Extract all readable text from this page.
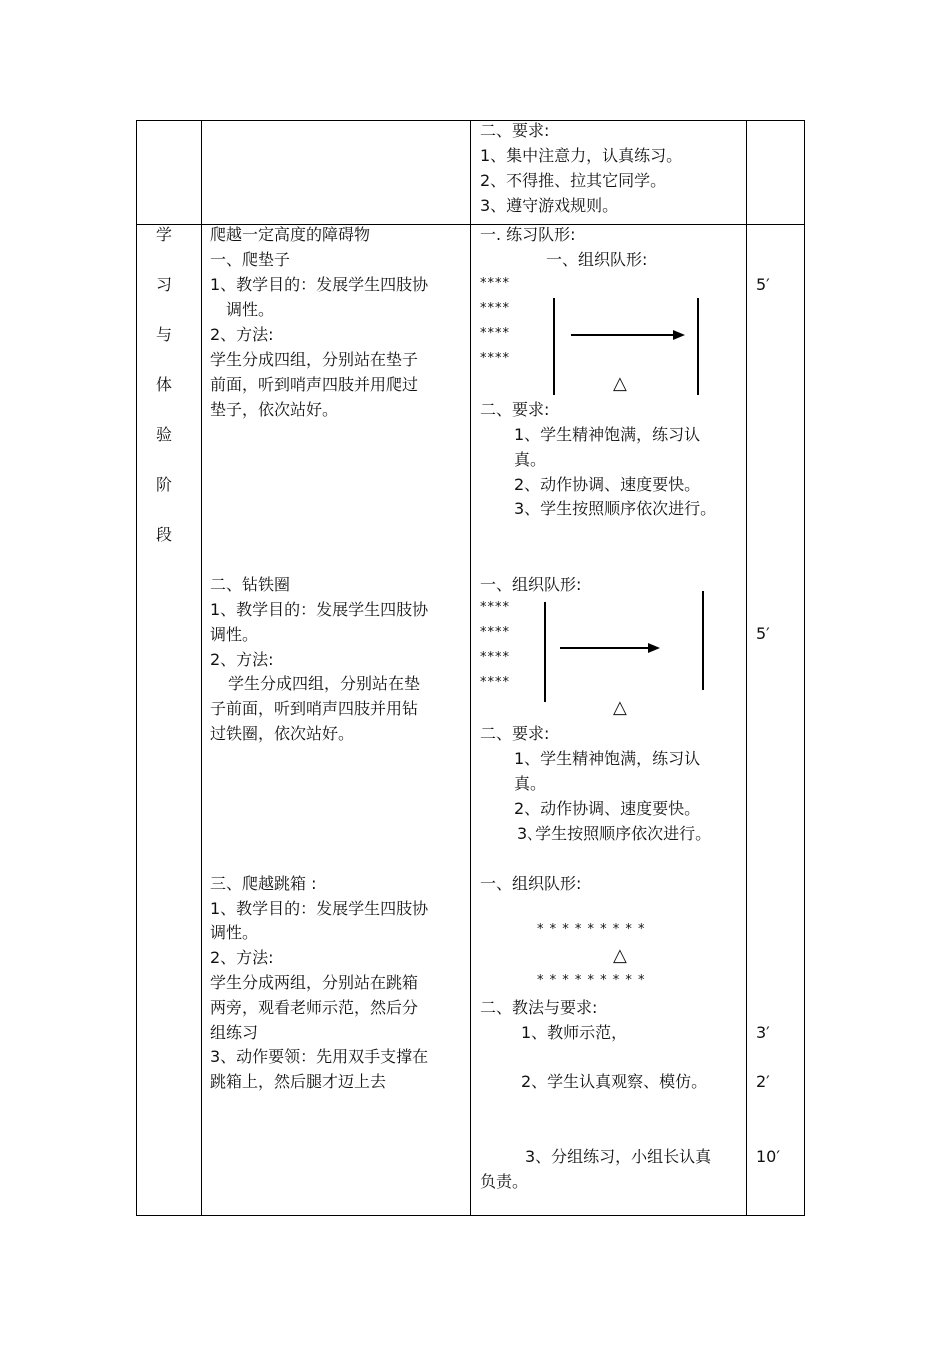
二、要求:
1、集中注意力，认真练习。
2、不得推、拉其它同学。
3、遵守游戏规则。
学
习
与
体
验
阶
段
爬越一定高度的障碍物
一、爬垫子
1、教学目的：发展学生四肢协
调性。
2、方法:
学生分成四组，分别站在垫子
前面，听到哨声四肢并用爬过
垫子，依次站好。
二、钻铁圈
1、教学目的：发展学生四肢协
调性。
2、方法:
学生分成四组，分别站在垫
子前面，听到哨声四肢并用钻
过铁圈，依次站好。
三、爬越跳箱 :
1、教学目的：发展学生四肢协
调性。
2、方法:
学生分成两组，分别站在跳箱
两旁，观看老师示范，然后分
组练习
3、动作要领：先用双手支撑在
跳箱上，然后腿才迈上去
一. 练习队形:
一、组织队形:
****
****
****
****
△
二、要求:
1、学生精神饱满，练习认
真。
2、动作协调、速度要快。
3、学生按照顺序依次进行。
一、组织队形:
****
****
****
****
△
二、要求:
1、学生精神饱满，练习认
真。
2、动作协调、速度要快。
3､学生按照顺序依次进行。
一、组织队形:
* * * * * * * * *
△
* * * * * * * * *
二、教法与要求:
1、教师示范，
2、学生认真观察、模仿。
3、分组练习，小组长认真
负责。
5′
5′
3′
2′
10′
